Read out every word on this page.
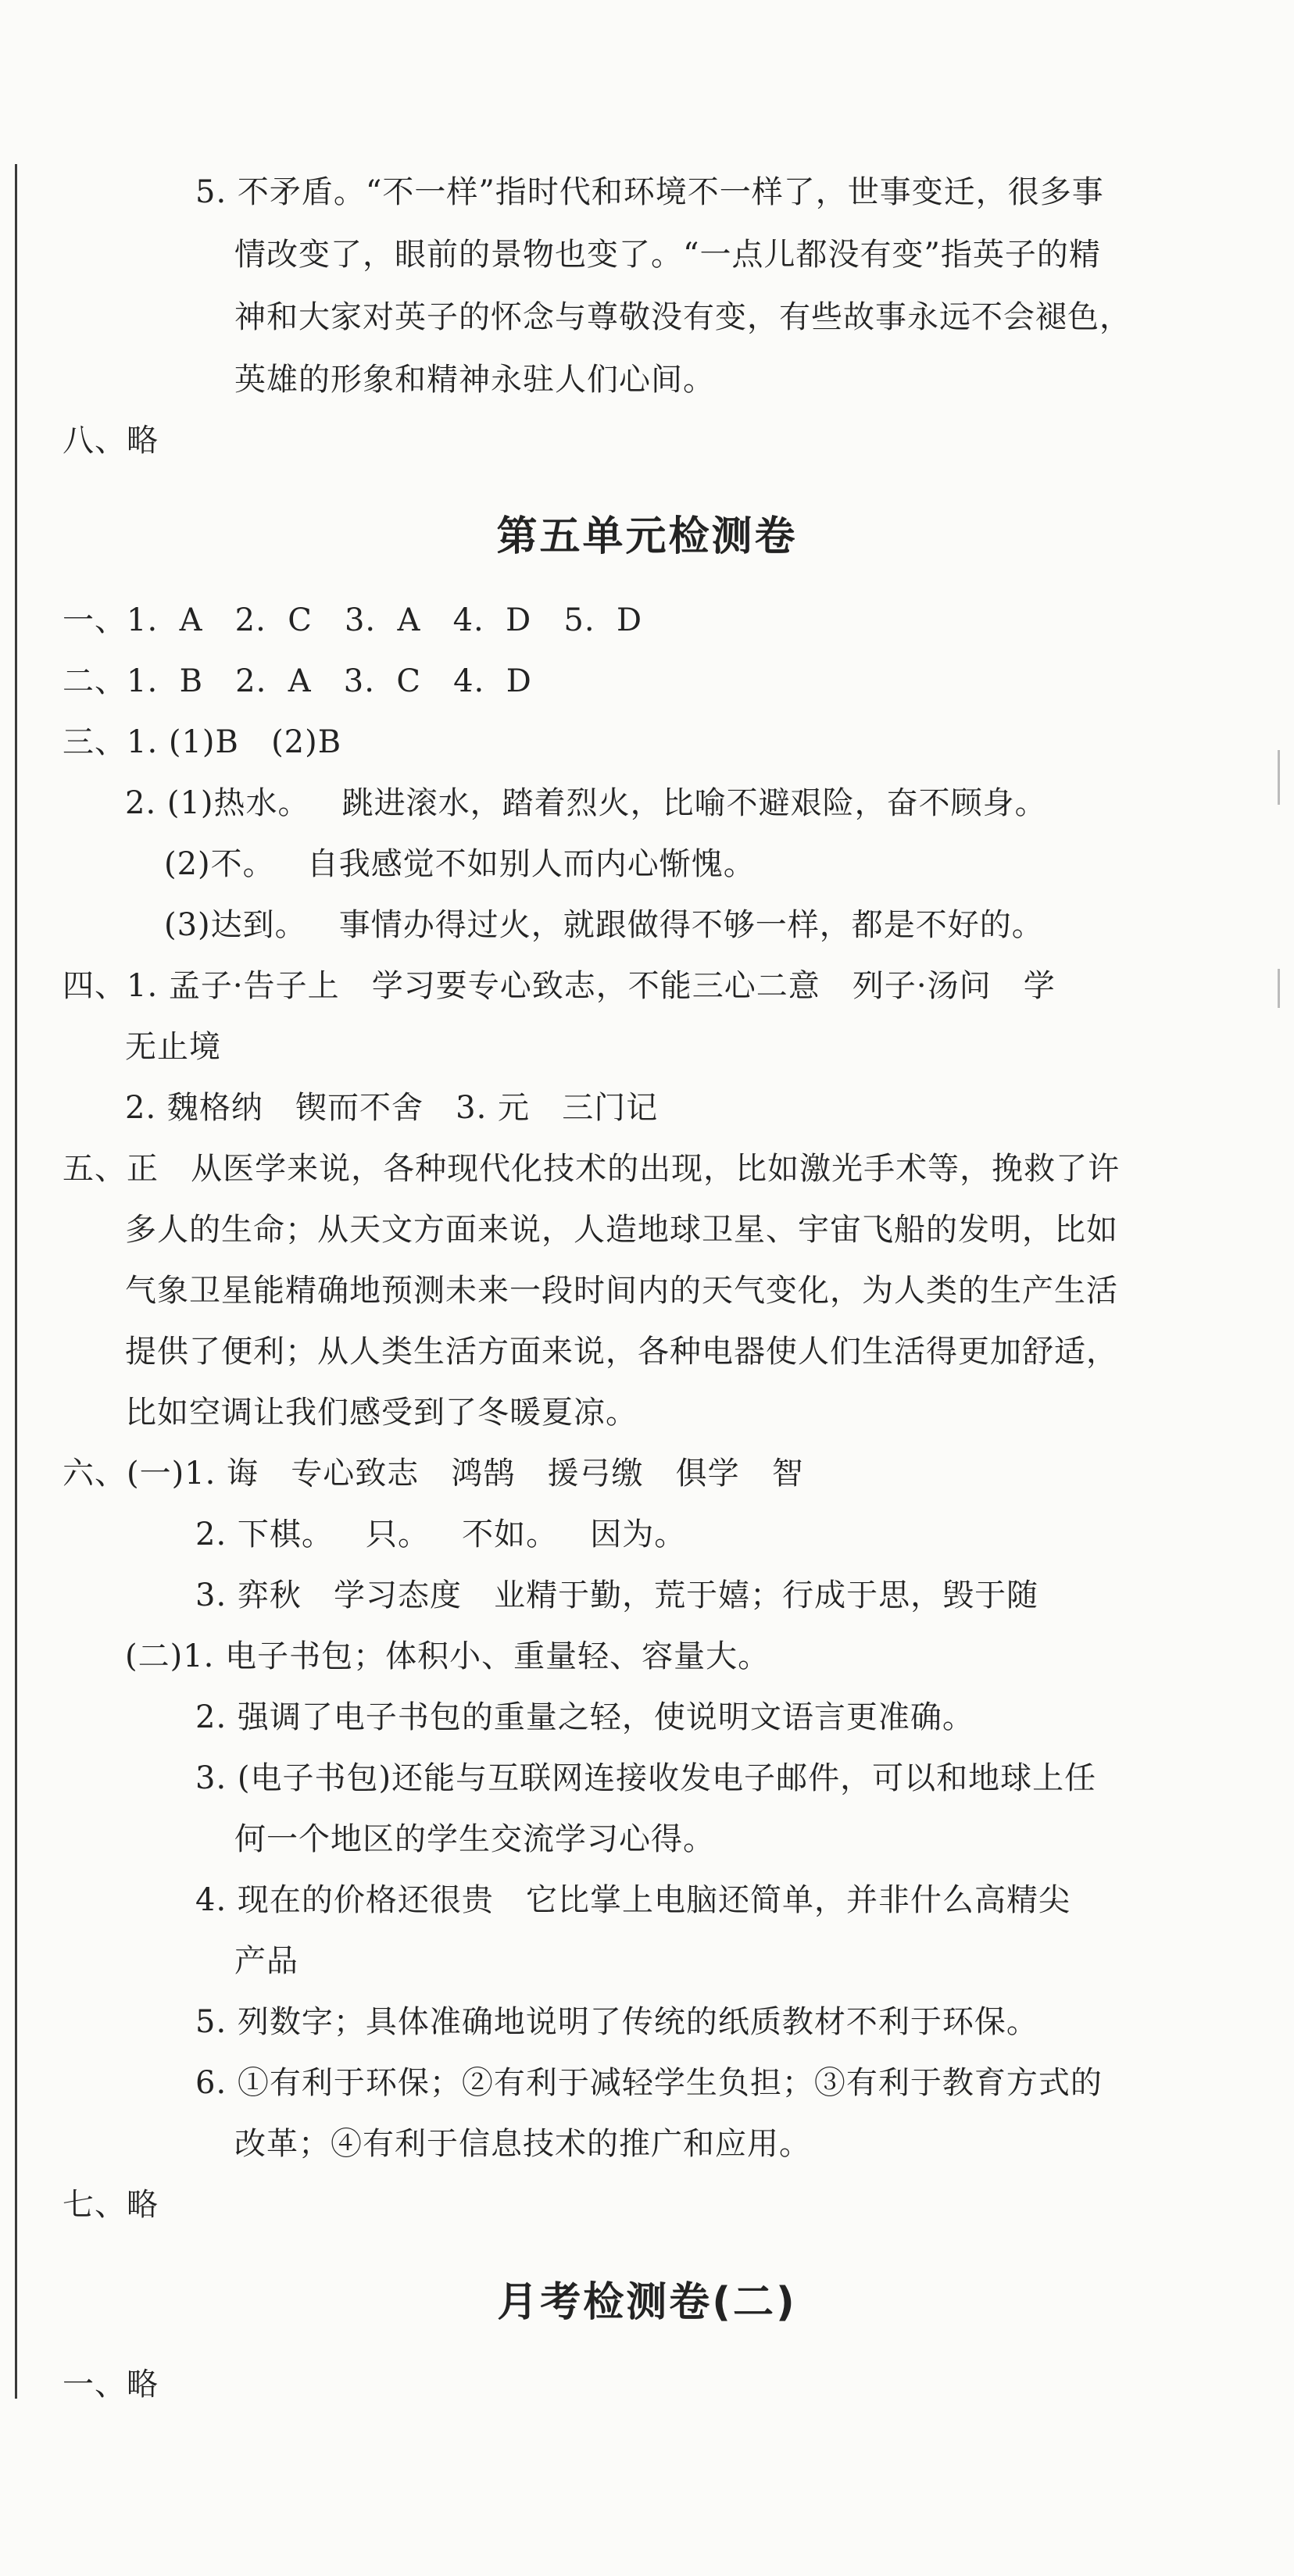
5. 不矛盾。“不一样”指时代和环境不一样了，世事变迁，很多事
情改变了，眼前的景物也变了。“一点儿都没有变”指英子的精
神和大家对英子的怀念与尊敬没有变，有些故事永远不会褪色，
英雄的形象和精神永驻人们心间。
八、略
第五单元检测卷
一、1.  A   2.  C   3.  A   4.  D   5.  D
二、1.  B   2.  A   3.  C   4.  D
三、1. (1)B   (2)B
2. (1)热水。   跳进滚水，踏着烈火，比喻不避艰险，奋不顾身。
(2)不。   自我感觉不如别人而内心惭愧。
(3)达到。   事情办得过火，就跟做得不够一样，都是不好的。
四、1. 孟子·告子上   学习要专心致志，不能三心二意   列子·汤问   学
无止境
2. 魏格纳   锲而不舍   3. 元   三门记
五、正   从医学来说，各种现代化技术的出现，比如激光手术等，挽救了许
多人的生命；从天文方面来说，人造地球卫星、宇宙飞船的发明，比如
气象卫星能精确地预测未来一段时间内的天气变化，为人类的生产生活
提供了便利；从人类生活方面来说，各种电器使人们生活得更加舒适，
比如空调让我们感受到了冬暖夏凉。
六、(一)1. 诲   专心致志   鸿鹄   援弓缴   俱学   智
2. 下棋。   只。   不如。   因为。
3. 弈秋   学习态度   业精于勤，荒于嬉；行成于思，毁于随
(二)1. 电子书包；体积小、重量轻、容量大。
2. 强调了电子书包的重量之轻，使说明文语言更准确。
3. (电子书包)还能与互联网连接收发电子邮件，可以和地球上任
何一个地区的学生交流学习心得。
4. 现在的价格还很贵   它比掌上电脑还简单，并非什么高精尖
产品
5. 列数字；具体准确地说明了传统的纸质教材不利于环保。
6. ①有利于环保；②有利于减轻学生负担；③有利于教育方式的
改革；④有利于信息技术的推广和应用。
七、略
月考检测卷(二)
一、略
